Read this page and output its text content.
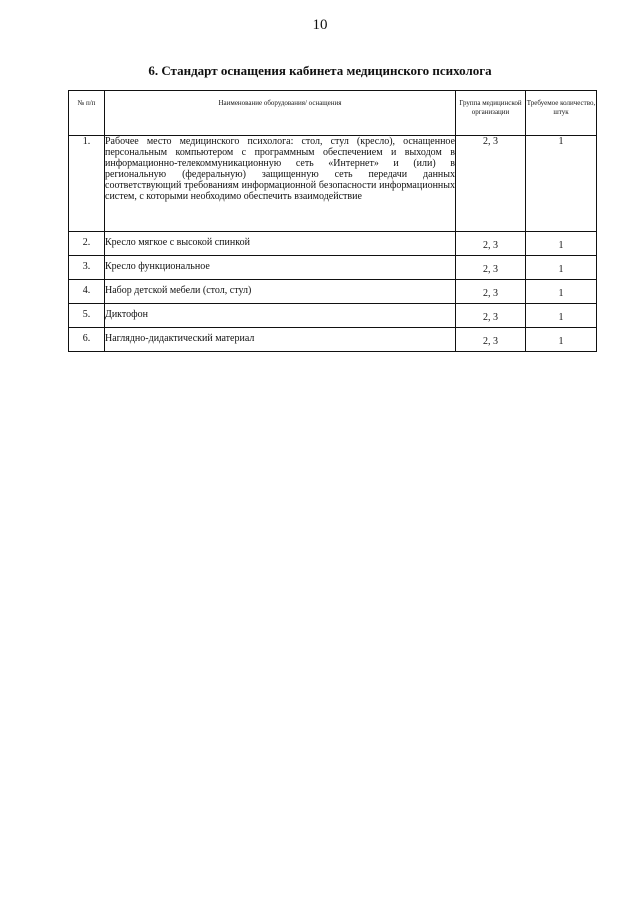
10
6. Стандарт оснащения кабинета медицинского психолога
№ п/п	Наименование оборудования/ оснащения	Группа медицинской организации	Требуемое количество, штук
1.	Рабочее место медицинского психолога: стол, стул (кресло), оснащенное персональным компьютером с программным обеспечением и выходом в информационно-телекоммуникационную сеть «Интернет» и (или) в региональную (федеральную) защищенную сеть передачи данных соответствующий требованиям информационной безопасности информационных систем, с которыми необходимо обеспечить взаимодействие	2, 3	1
2.	Кресло мягкое с высокой спинкой	2, 3	1
3.	Кресло функциональное	2, 3	1
4.	Набор детской мебели (стол, стул)	2, 3	1
5.	Диктофон	2, 3	1
6.	Наглядно-дидактический материал	2, 3	1
